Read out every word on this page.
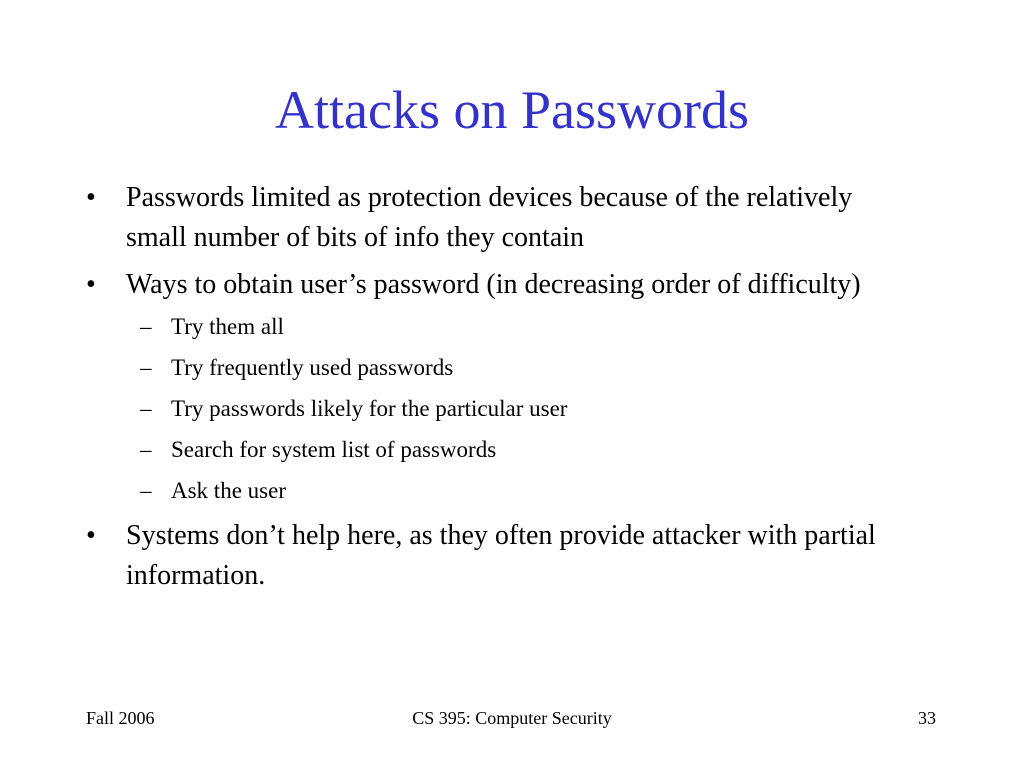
Attacks on Passwords
• Passwords limited as protection devices because of the relatively small number of bits of info they contain
• Ways to obtain user’s password (in decreasing order of difficulty)
– Try them all
– Try frequently used passwords
– Try passwords likely for the particular user
– Search for system list of passwords
– Ask the user
• Systems don’t help here, as they often provide attacker with partial information.
Fall 2006	CS 395: Computer Security	33
